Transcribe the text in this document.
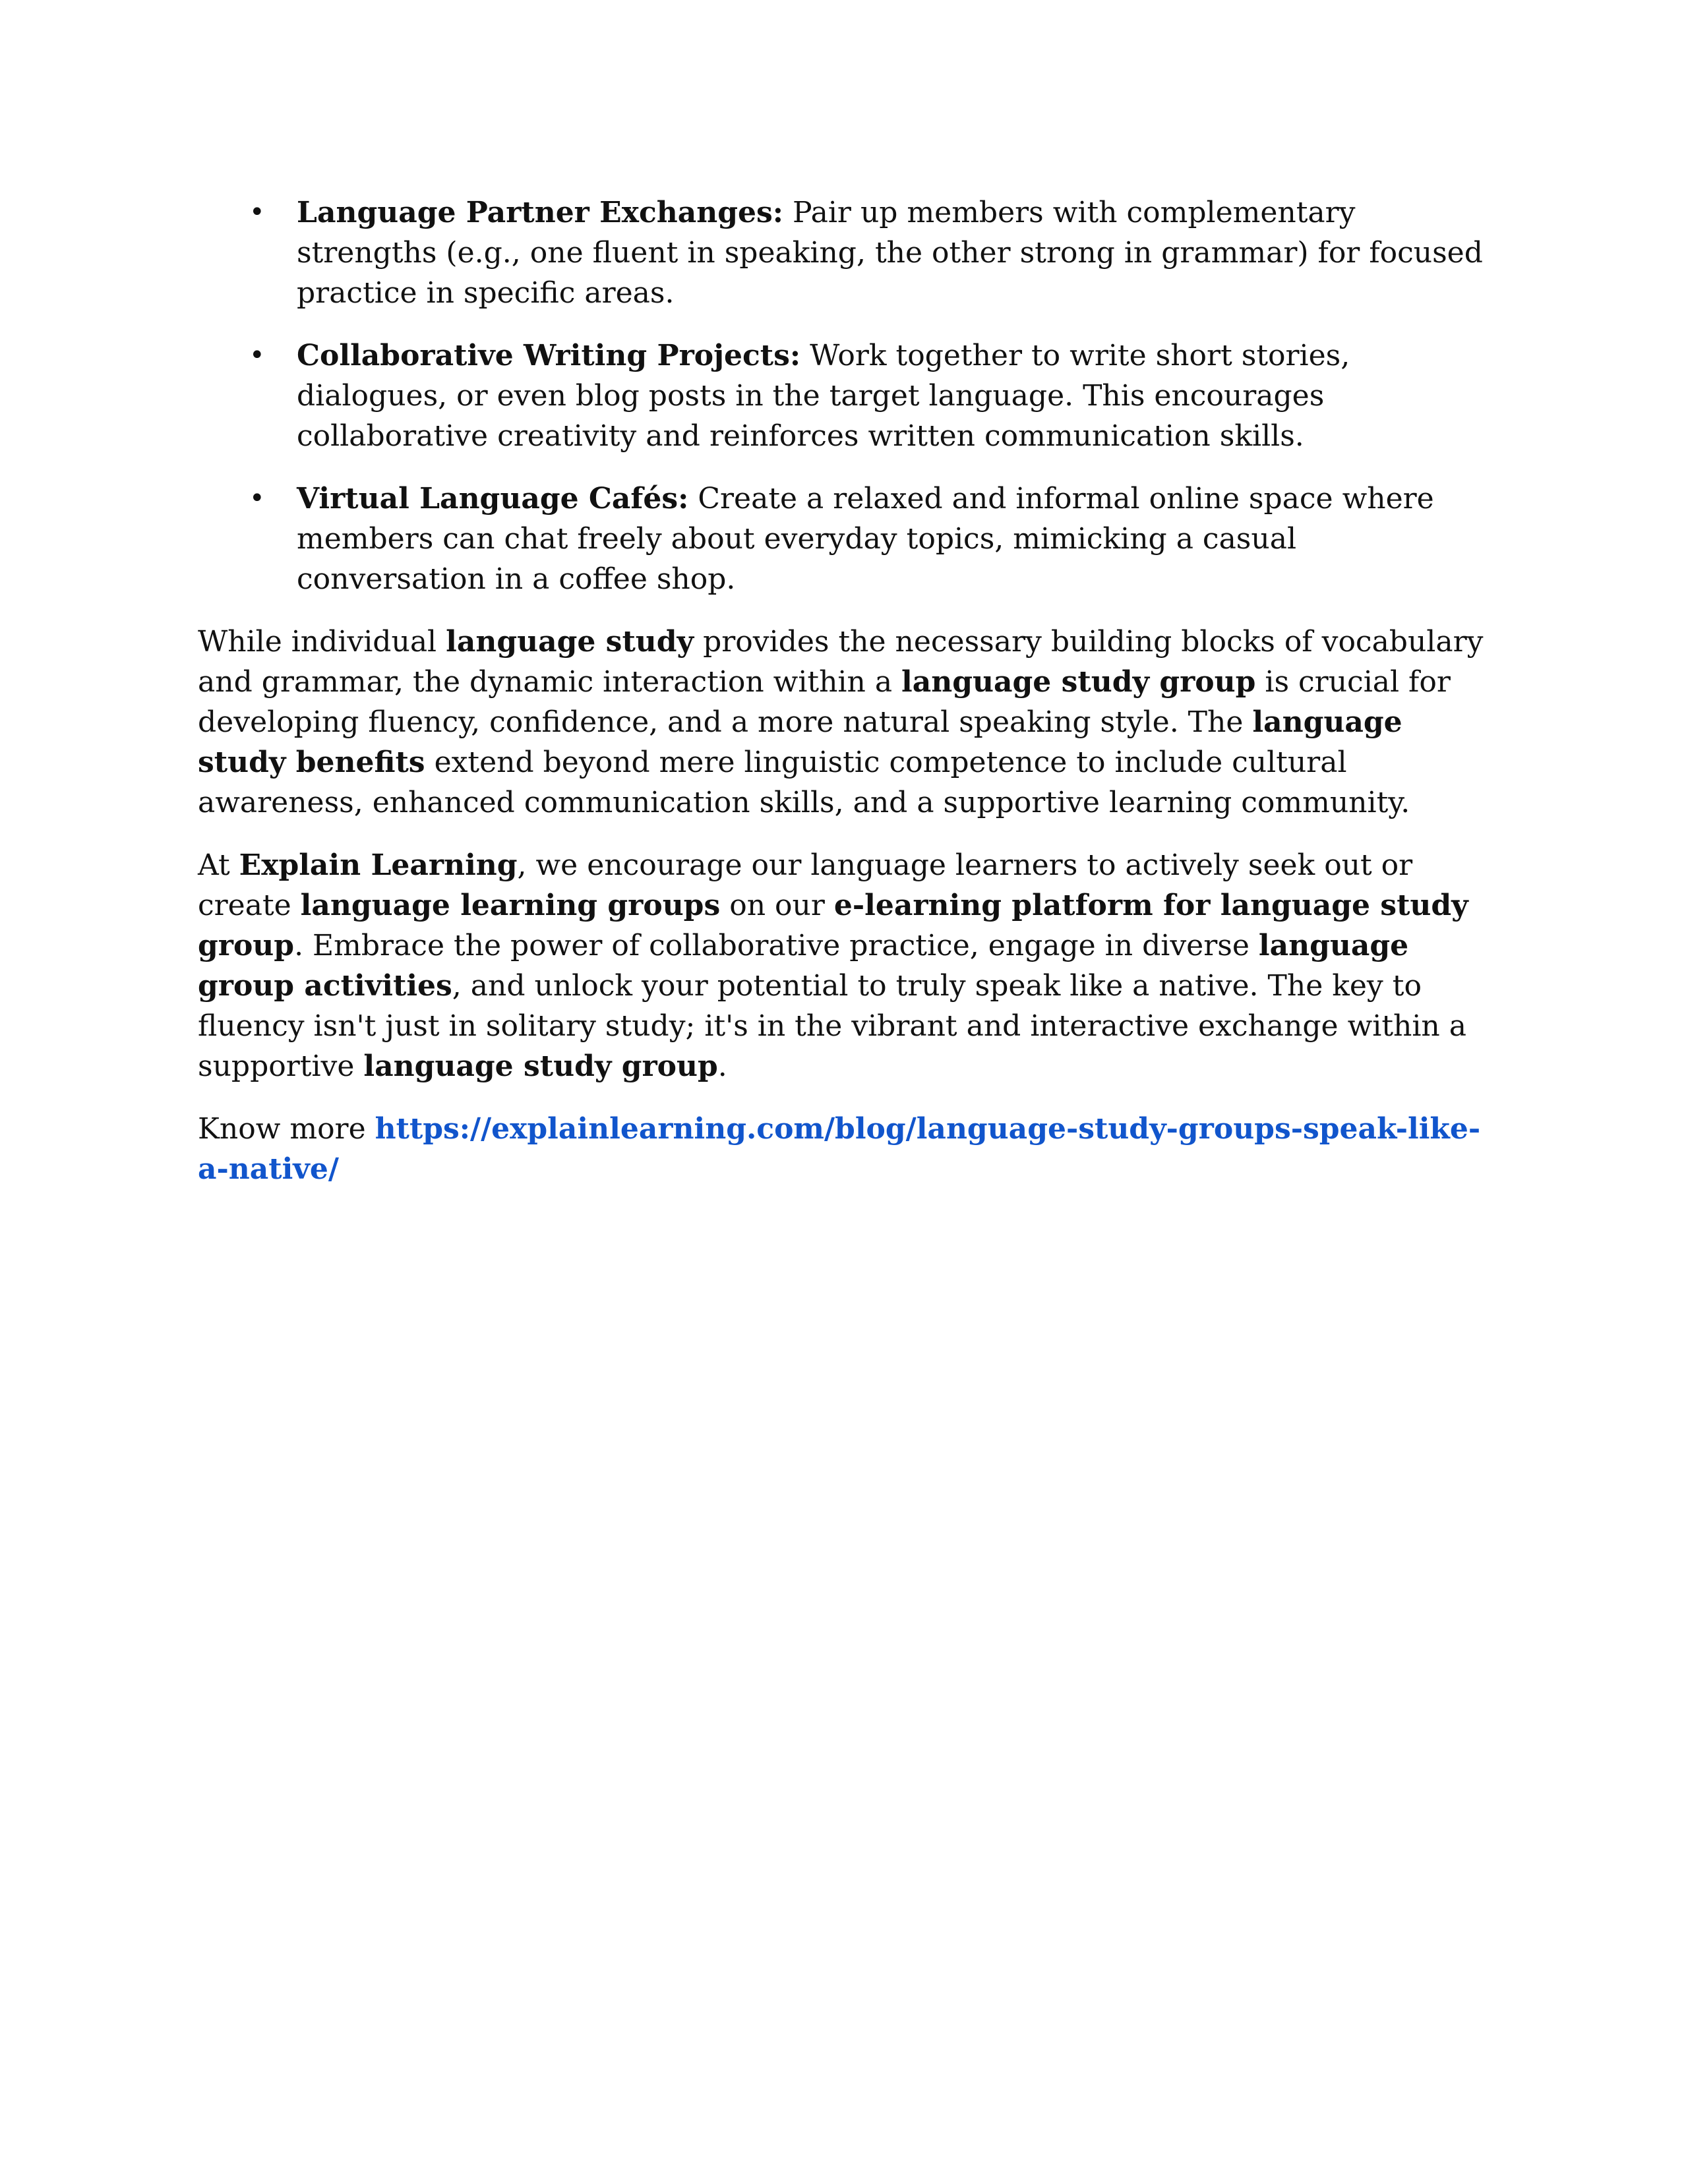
• Language Partner Exchanges: Pair up members with complementary strengths (e.g., one fluent in speaking, the other strong in grammar) for focused practice in specific areas.
• Collaborative Writing Projects: Work together to write short stories, dialogues, or even blog posts in the target language. This encourages collaborative creativity and reinforces written communication skills.
• Virtual Language Cafés: Create a relaxed and informal online space where members can chat freely about everyday topics, mimicking a casual conversation in a coffee shop.

While individual language study provides the necessary building blocks of vocabulary and grammar, the dynamic interaction within a language study group is crucial for developing fluency, confidence, and a more natural speaking style. The language study benefits extend beyond mere linguistic competence to include cultural awareness, enhanced communication skills, and a supportive learning community.

At Explain Learning, we encourage our language learners to actively seek out or create language learning groups on our e-learning platform for language study group. Embrace the power of collaborative practice, engage in diverse language group activities, and unlock your potential to truly speak like a native. The key to fluency isn't just in solitary study; it's in the vibrant and interactive exchange within a supportive language study group.

Know more https://explainlearning.com/blog/language-study-groups-speak-like-a-native/
